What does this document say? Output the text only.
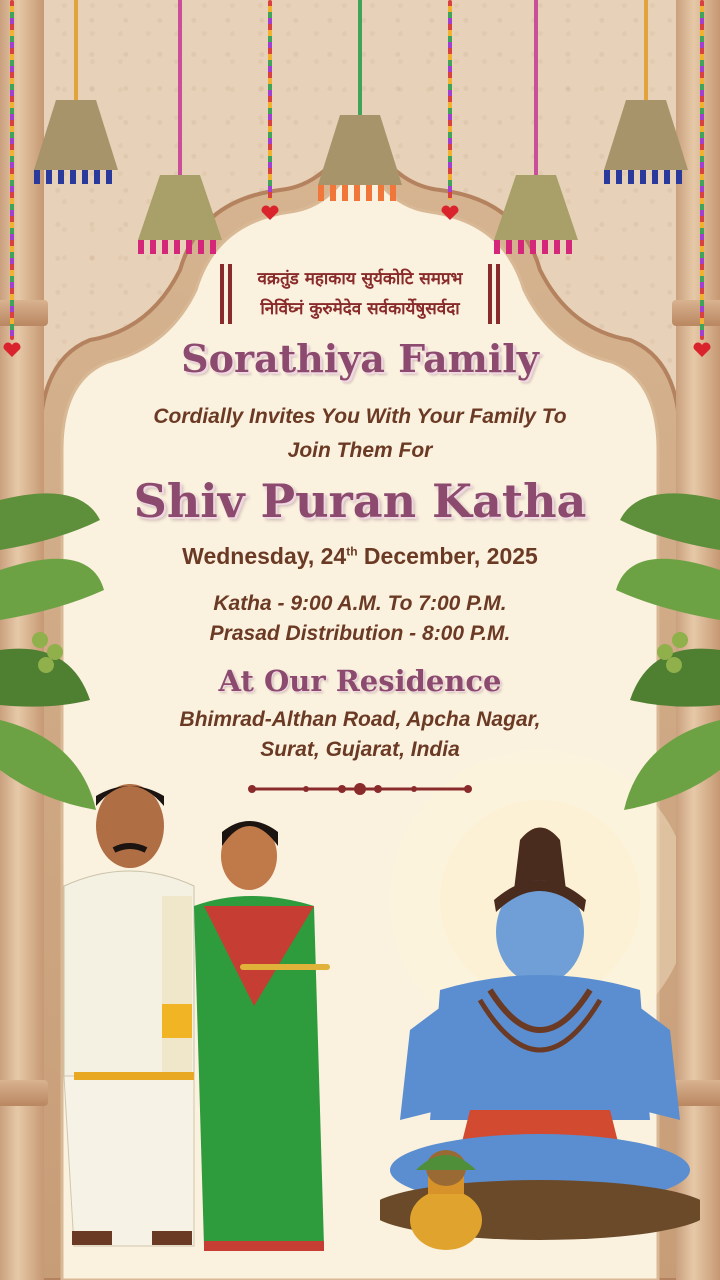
वक्रतुंड महाकाय सुर्यकोटि समप्रभ
निर्विघ्नं कुरुमेदेव सर्वकार्येषुसर्वदा
Sorathiya Family
Cordially Invites You With Your Family To
Join Them For
Shiv Puran Katha
Wednesday, 24th December, 2025
Katha - 9:00 A.M. To 7:00 P.M.
Prasad Distribution - 8:00 P.M.
At Our Residence
Bhimrad-Althan Road, Apcha Nagar,
Surat, Gujarat, India
